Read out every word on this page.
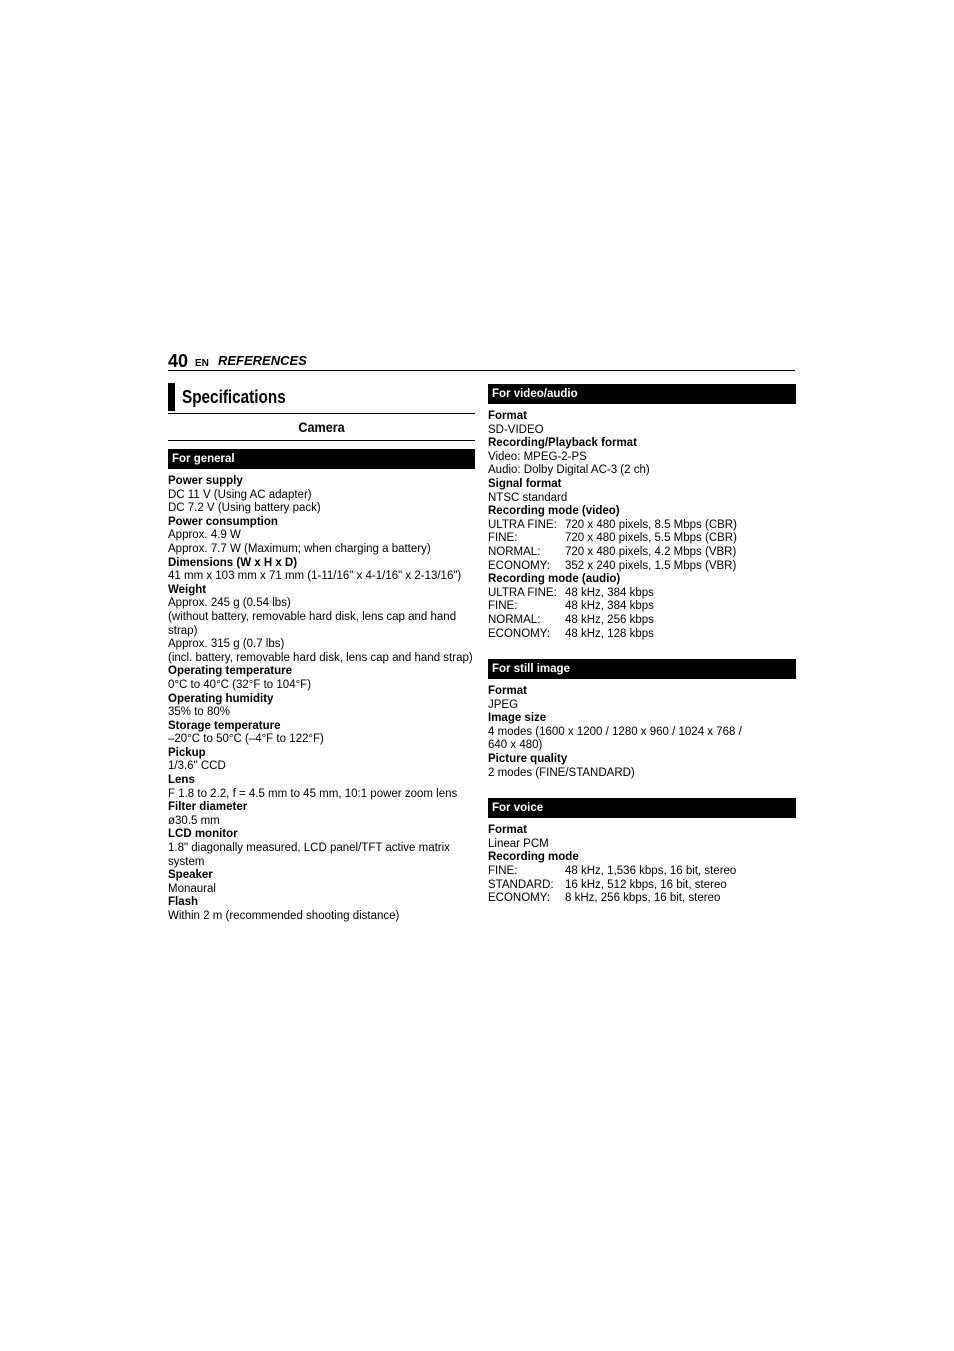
40 EN REFERENCES
Specifications
Camera
For general
Power supply
DC 11 V (Using AC adapter)
DC 7.2 V (Using battery pack)
Power consumption
Approx. 4.9 W
Approx. 7.7 W (Maximum; when charging a battery)
Dimensions (W x H x D)
41 mm x 103 mm x 71 mm (1-11/16" x 4-1/16" x 2-13/16")
Weight
Approx. 245 g (0.54 lbs)
(without battery, removable hard disk, lens cap and hand strap)
Approx. 315 g (0.7 lbs)
(incl. battery, removable hard disk, lens cap and hand strap)
Operating temperature
0°C to 40°C (32°F to 104°F)
Operating humidity
35% to 80%
Storage temperature
–20°C to 50°C (–4°F to 122°F)
Pickup
1/3.6" CCD
Lens
F 1.8 to 2.2, f = 4.5 mm to 45 mm, 10:1 power zoom lens
Filter diameter
ø30.5 mm
LCD monitor
1.8" diagonally measured, LCD panel/TFT active matrix system
Speaker
Monaural
Flash
Within 2 m (recommended shooting distance)
For video/audio
Format
SD-VIDEO
Recording/Playback format
Video: MPEG-2-PS
Audio: Dolby Digital AC-3 (2 ch)
Signal format
NTSC standard
Recording mode (video)
ULTRA FINE: 720 x 480 pixels, 8.5 Mbps (CBR)
FINE:	720 x 480 pixels, 5.5 Mbps (CBR)
NORMAL:	720 x 480 pixels, 4.2 Mbps (VBR)
ECONOMY:	352 x 240 pixels, 1.5 Mbps (VBR)
Recording mode (audio)
ULTRA FINE: 48 kHz, 384 kbps
FINE:	48 kHz, 384 kbps
NORMAL:	48 kHz, 256 kbps
ECONOMY:	48 kHz, 128 kbps
For still image
Format
JPEG
Image size
4 modes (1600 x 1200 / 1280 x 960 / 1024 x 768 / 640 x 480)
Picture quality
2 modes (FINE/STANDARD)
For voice
Format
Linear PCM
Recording mode
FINE:	48 kHz, 1,536 kbps, 16 bit, stereo
STANDARD: 16 kHz, 512 kbps, 16 bit, stereo
ECONOMY:	8 kHz, 256 kbps, 16 bit, stereo
